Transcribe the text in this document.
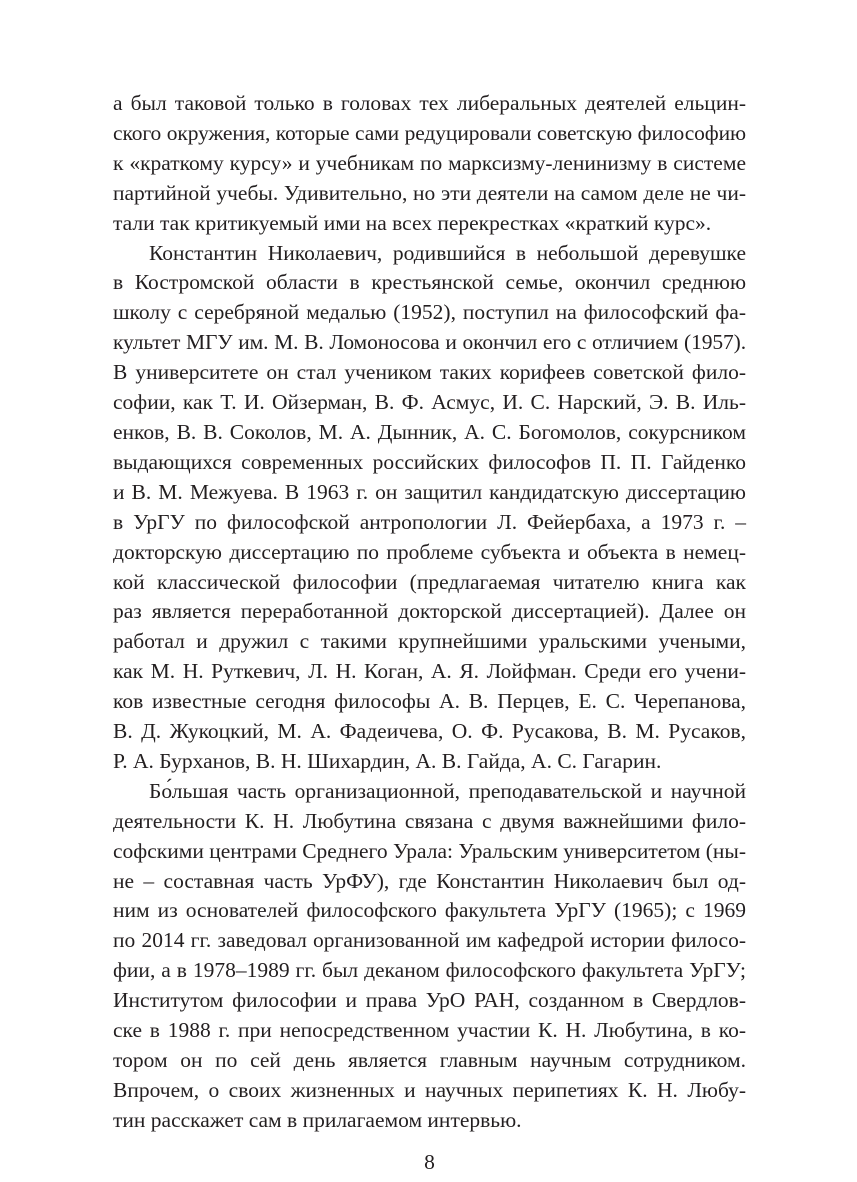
а был таковой только в головах тех либеральных деятелей ельцин-
ского окружения, которые сами редуцировали советскую философию
к «краткому курсу» и учебникам по марксизму-ленинизму в системе
партийной учебы. Удивительно, но эти деятели на самом деле не чи-
тали так критикуемый ими на всех перекрестках «краткий курс».
Константин Николаевич, родившийся в небольшой деревушке
в Костромской области в крестьянской семье, окончил среднюю
школу с серебряной медалью (1952), поступил на философский фа-
культет МГУ им. М. В. Ломоносова и окончил его с отличием (1957).
В университете он стал учеником таких корифеев советской фило-
софии, как Т. И. Ойзерман, В. Ф. Асмус, И. С. Нарский, Э. В. Иль-
енков, В. В. Соколов, М. А. Дынник, А. С. Богомолов, сокурсником
выдающихся современных российских философов П. П. Гайденко
и В. М. Межуева. В 1963 г. он защитил кандидатскую диссертацию
в УрГУ по философской антропологии Л. Фейербаха, а 1973 г. –
докторскую диссертацию по проблеме субъекта и объекта в немец-
кой классической философии (предлагаемая читателю книга как
раз является переработанной докторской диссертацией). Далее он
работал и дружил с такими крупнейшими уральскими учеными,
как М. Н. Руткевич, Л. Н. Коган, А. Я. Лойфман. Среди его учени-
ков известные сегодня философы А. В. Перцев, Е. С. Черепанова,
В. Д. Жукоцкий, М. А. Фадеичева, О. Ф. Русакова, В. М. Русаков,
Р. А. Бурханов, В. Н. Шихардин, А. В. Гайда, А. С. Гагарин.
Бо́льшая часть организационной, преподавательской и научной
деятельности К. Н. Любутина связана с двумя важнейшими фило-
софскими центрами Среднего Урала: Уральским университетом (ны-
не – составная часть УрФУ), где Константин Николаевич был од-
ним из основателей философского факультета УрГУ (1965); с 1969
по 2014 гг. заведовал организованной им кафедрой истории филосо-
фии, а в 1978–1989 гг. был деканом философского факультета УрГУ;
Институтом философии и права УрО РАН, созданном в Свердлов-
ске в 1988 г. при непосредственном участии К. Н. Любутина, в ко-
тором он по сей день является главным научным сотрудником.
Впрочем, о своих жизненных и научных перипетиях К. Н. Любу-
тин расскажет сам в прилагаемом интервью.
8
